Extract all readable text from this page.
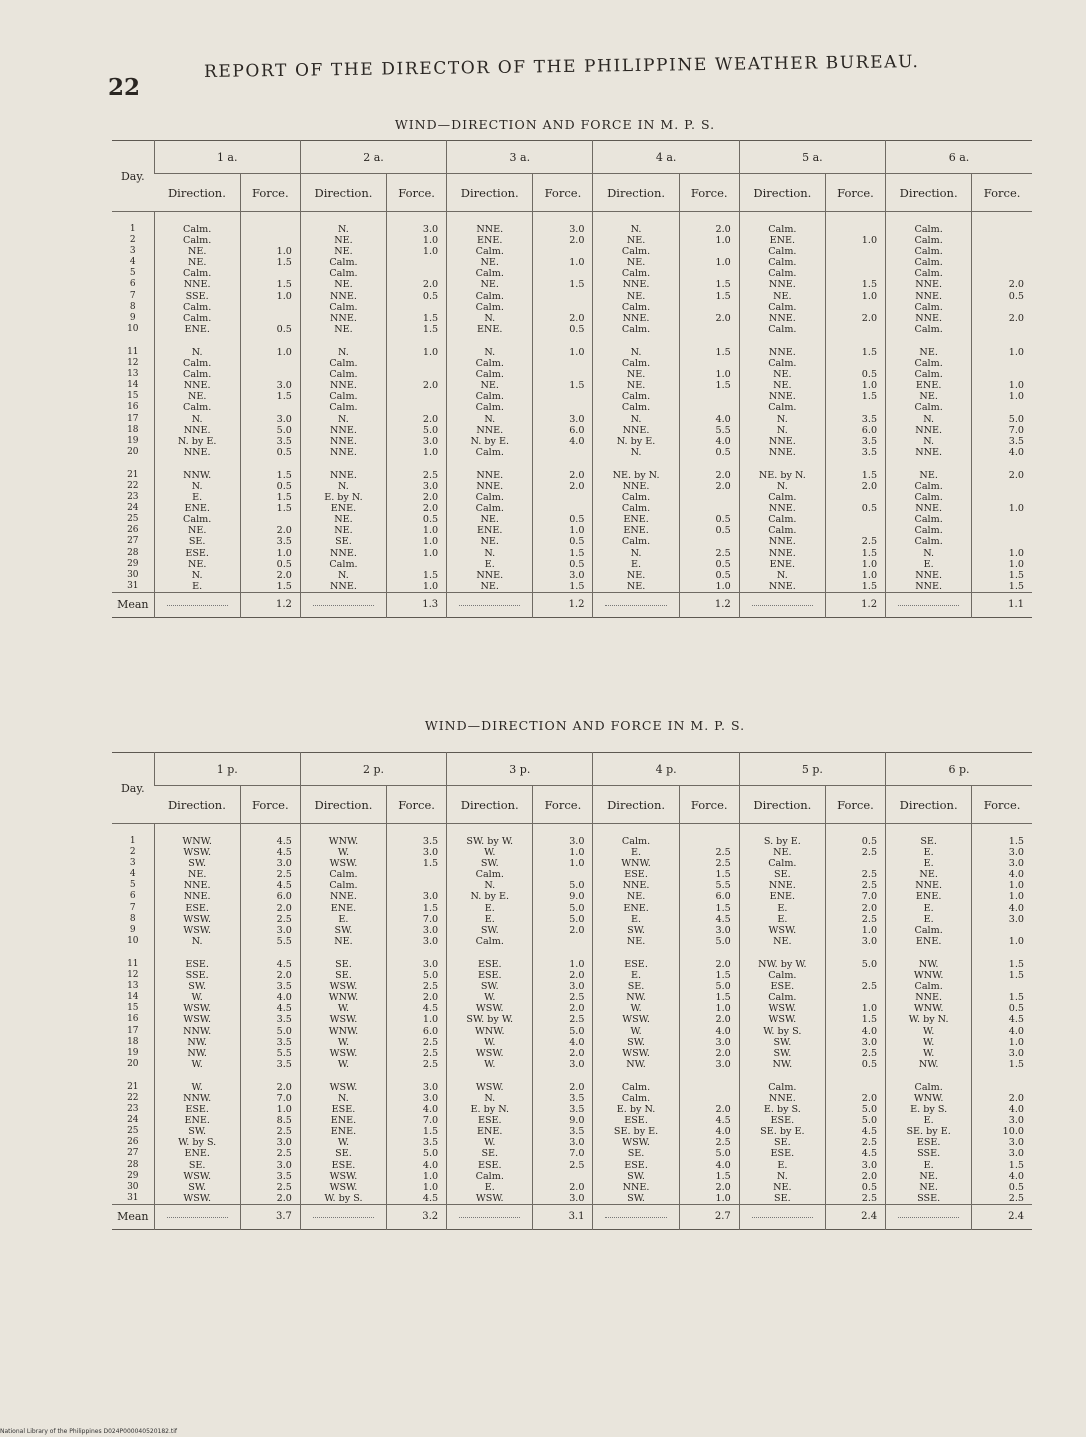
22
REPORT OF THE DIRECTOR OF THE PHILIPPINE WEATHER BUREAU.
WIND—DIRECTION AND FORCE IN M. P. S.
Day.	1 a.		2 a.		3 a.		4 a.		5 a.		6 a.	
	Direction.	Force.	Direction.	Force.	Direction.	Force.	Direction.	Force.	Direction.	Force.	Direction.	Force.

1	Calm.		N.	3.0	NNE.	3.0	N.	2.0	Calm.		Calm.	
2	Calm.		NE.	1.0	ENE.	2.0	NE.	1.0	ENE.	1.0	Calm.	
3	NE.	1.0	NE.	1.0	Calm.		Calm.		Calm.		Calm.	
4	NE.	1.5	Calm.		NE.	1.0	NE.	1.0	Calm.		Calm.	
5	Calm.		Calm.		Calm.		Calm.		Calm.		Calm.	
6	NNE.	1.5	NE.	2.0	NE.	1.5	NNE.	1.5	NNE.	1.5	NNE.	2.0
7	SSE.	1.0	NNE.	0.5	Calm.		NE.	1.5	NE.	1.0	NNE.	0.5
8	Calm.		Calm.		Calm.		Calm.		Calm.		Calm.	
9	Calm.		NNE.	1.5	N.	2.0	NNE.	2.0	NNE.	2.0	NNE.	2.0
10	ENE.	0.5	NE.	1.5	ENE.	0.5	Calm.		Calm.		Calm.	

11	N.	1.0	N.	1.0	N.	1.0	N.	1.5	NNE.	1.5	NE.	1.0
12	Calm.		Calm.		Calm.		Calm.		Calm.		Calm.	
13	Calm.		Calm.		Calm.		NE.	1.0	NE.	0.5	Calm.	
14	NNE.	3.0	NNE.	2.0	NE.	1.5	NE.	1.5	NE.	1.0	ENE.	1.0
15	NE.	1.5	Calm.		Calm.		Calm.		NNE.	1.5	NE.	1.0
16	Calm.		Calm.		Calm.		Calm.		Calm.		Calm.	
17	N.	3.0	N.	2.0	N.	3.0	N.	4.0	N.	3.5	N.	5.0
18	NNE.	5.0	NNE.	5.0	NNE.	6.0	NNE.	5.5	N.	6.0	NNE.	7.0
19	N. by E.	3.5	NNE.	3.0	N. by E.	4.0	N. by E.	4.0	NNE.	3.5	N.	3.5
20	NNE.	0.5	NNE.	1.0	Calm.		N.	0.5	NNE.	3.5	NNE.	4.0

21	NNW.	1.5	NNE.	2.5	NNE.	2.0	NE. by N.	2.0	NE. by N.	1.5	NE.	2.0
22	N.	0.5	N.	3.0	NNE.	2.0	NNE.	2.0	N.	2.0	Calm.	
23	E.	1.5	E. by N.	2.0	Calm.		Calm.		Calm.		Calm.	
24	ENE.	1.5	ENE.	2.0	Calm.		Calm.		NNE.	0.5	NNE.	1.0
25	Calm.		NE.	0.5	NE.	0.5	ENE.	0.5	Calm.		Calm.	
26	NE.	2.0	NE.	1.0	ENE.	1.0	ENE.	0.5	Calm.		Calm.	
27	SE.	3.5	SE.	1.0	NE.	0.5	Calm.		NNE.	2.5	Calm.	
28	ESE.	1.0	NNE.	1.0	N.	1.5	N.	2.5	NNE.	1.5	N.	1.0
29	NE.	0.5	Calm.		E.	0.5	E.	0.5	ENE.	1.0	E.	1.0
30	N.	2.0	N.	1.5	NNE.	3.0	NE.	0.5	N.	1.0	NNE.	1.5
31	E.	1.5	NNE.	1.0	NE.	1.5	NE.	1.0	NNE.	1.5	NNE.	1.5
Mean		1.2		1.3		1.2		1.2		1.2		1.1
WIND—DIRECTION AND FORCE IN M. P. S.
Day.	1 p.		2 p.		3 p.		4 p.		5 p.		6 p.	
	Direction.	Force.	Direction.	Force.	Direction.	Force.	Direction.	Force.	Direction.	Force.	Direction.	Force.

1	WNW.	4.5	WNW.	3.5	SW. by W.	3.0	Calm.		S. by E.	0.5	SE.	1.5
2	WSW.	4.5	W.	3.0	W.	1.0	E.	2.5	NE.	2.5	E.	3.0
3	SW.	3.0	WSW.	1.5	SW.	1.0	WNW.	2.5	Calm.		E.	3.0
4	NE.	2.5	Calm.		Calm.		ESE.	1.5	SE.	2.5	NE.	4.0
5	NNE.	4.5	Calm.		N.	5.0	NNE.	5.5	NNE.	2.5	NNE.	1.0
6	NNE.	6.0	NNE.	3.0	N. by E.	9.0	NE.	6.0	ENE.	7.0	ENE.	1.0
7	ESE.	2.0	ENE.	1.5	E.	5.0	ENE.	1.5	E.	2.0	E.	4.0
8	WSW.	2.5	E.	7.0	E.	5.0	E.	4.5	E.	2.5	E.	3.0
9	WSW.	3.0	SW.	3.0	SW.	2.0	SW.	3.0	WSW.	1.0	Calm.	
10	N.	5.5	NE.	3.0	Calm.		NE.	5.0	NE.	3.0	ENE.	1.0

11	ESE.	4.5	SE.	3.0	ESE.	1.0	ESE.	2.0	NW. by W.	5.0	NW.	1.5
12	SSE.	2.0	SE.	5.0	ESE.	2.0	E.	1.5	Calm.		WNW.	1.5
13	SW.	3.5	WSW.	2.5	SW.	3.0	SE.	5.0	ESE.	2.5	Calm.	
14	W.	4.0	WNW.	2.0	W.	2.5	NW.	1.5	Calm.		NNE.	1.5
15	WSW.	4.5	W.	4.5	WSW.	2.0	W.	1.0	WSW.	1.0	WNW.	0.5
16	WSW.	3.5	WSW.	1.0	SW. by W.	2.5	WSW.	2.0	WSW.	1.5	W. by N.	4.5
17	NNW.	5.0	WNW.	6.0	WNW.	5.0	W.	4.0	W. by S.	4.0	W.	4.0
18	NW.	3.5	W.	2.5	W.	4.0	SW.	3.0	SW.	3.0	W.	1.0
19	NW.	5.5	WSW.	2.5	WSW.	2.0	WSW.	2.0	SW.	2.5	W.	3.0
20	W.	3.5	W.	2.5	W.	3.0	NW.	3.0	NW.	0.5	NW.	1.5

21	W.	2.0	WSW.	3.0	WSW.	2.0	Calm.		Calm.		Calm.	
22	NNW.	7.0	N.	3.0	N.	3.5	Calm.		NNE.	2.0	WNW.	2.0
23	ESE.	1.0	ESE.	4.0	E. by N.	3.5	E. by N.	2.0	E. by S.	5.0	E. by S.	4.0
24	ENE.	8.5	ENE.	7.0	ESE.	9.0	ESE.	4.5	ESE.	5.0	E.	3.0
25	SW.	2.5	ENE.	1.5	ENE.	3.5	SE. by E.	4.0	SE. by E.	4.5	SE. by E.	10.0
26	W. by S.	3.0	W.	3.5	W.	3.0	WSW.	2.5	SE.	2.5	ESE.	3.0
27	ENE.	2.5	SE.	5.0	SE.	7.0	SE.	5.0	ESE.	4.5	SSE.	3.0
28	SE.	3.0	ESE.	4.0	ESE.	2.5	ESE.	4.0	E.	3.0	E.	1.5
29	WSW.	3.5	WSW.	1.0	Calm.		SW.	1.5	N.	2.0	NE.	4.0
30	SW.	2.5	WSW.	1.0	E.	2.0	NNE.	2.0	NE.	0.5	NE.	0.5
31	WSW.	2.0	W. by S.	4.5	WSW.	3.0	SW.	1.0	SE.	2.5	SSE.	2.5
Mean		3.7		3.2		3.1		2.7		2.4		2.4
National Library of the Philippines D024P000040520182.tif
